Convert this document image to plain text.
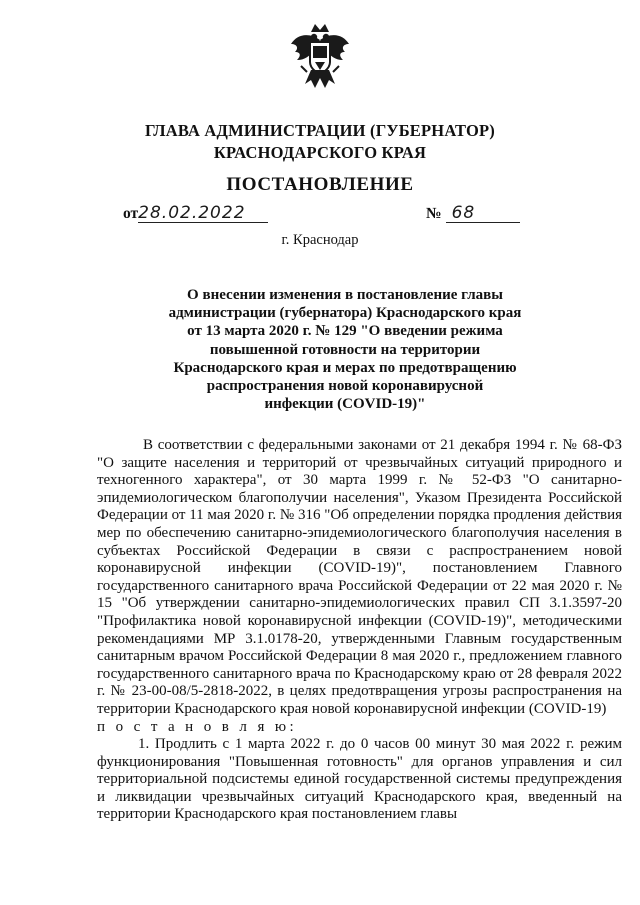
ГЛАВА АДМИНИСТРАЦИИ (ГУБЕРНАТОР)
КРАСНОДАРСКОГО КРАЯ
ПОСТАНОВЛЕНИЕ
от28.02.2022	№ 68
г. Краснодар
О внесении изменения в постановление главы
администрации (губернатора) Краснодарского края
от 13 марта 2020 г. № 129 "О введении режима
повышенной готовности на территории
Краснодарского края и мерах по предотвращению
распространения новой коронавирусной
инфекции (COVID-19)"

В соответствии с федеральными законами от 21 декабря 1994 г. № 68-ФЗ "О защите населения и территорий от чрезвычайных ситуаций природного и техногенного характера", от 30 марта 1999 г. № 52-ФЗ "О санитарно-эпидемиологическом благополучии населения", Указом Президента Российской Федерации от 11 мая 2020 г. № 316 "Об определении порядка продления действия мер по обеспечению санитарно-эпидемиологического благополучия населения в субъектах Российской Федерации в связи с распространением новой коронавирусной инфекции (COVID-19)", постановлением Главного государственного санитарного врача Российской Федерации от 22 мая 2020 г. № 15 "Об утверждении санитарно-эпидемиологических правил СП 3.1.3597-20 "Профилактика новой коронавирусной инфекции (COVID-19)", методическими рекомендациями МР 3.1.0178-20, утвержденными Главным государственным санитарным врачом Российской Федерации 8 мая 2020 г., предложением главного государственного санитарного врача по Краснодарскому краю от 28 февраля 2022 г. № 23-00-08/5-2818-2022, в целях предотвращения угрозы распространения на территории Краснодарского края новой коронавирусной инфекции (COVID-19)

п о с т а н о в л я ю:

1. Продлить с 1 марта 2022 г. до 0 часов 00 минут 30 мая 2022 г. режим функционирования "Повышенная готовность" для органов управления и сил территориальной подсистемы единой государственной системы предупреждения и ликвидации чрезвычайных ситуаций Краснодарского края, введенный на территории Краснодарского края постановлением главы
